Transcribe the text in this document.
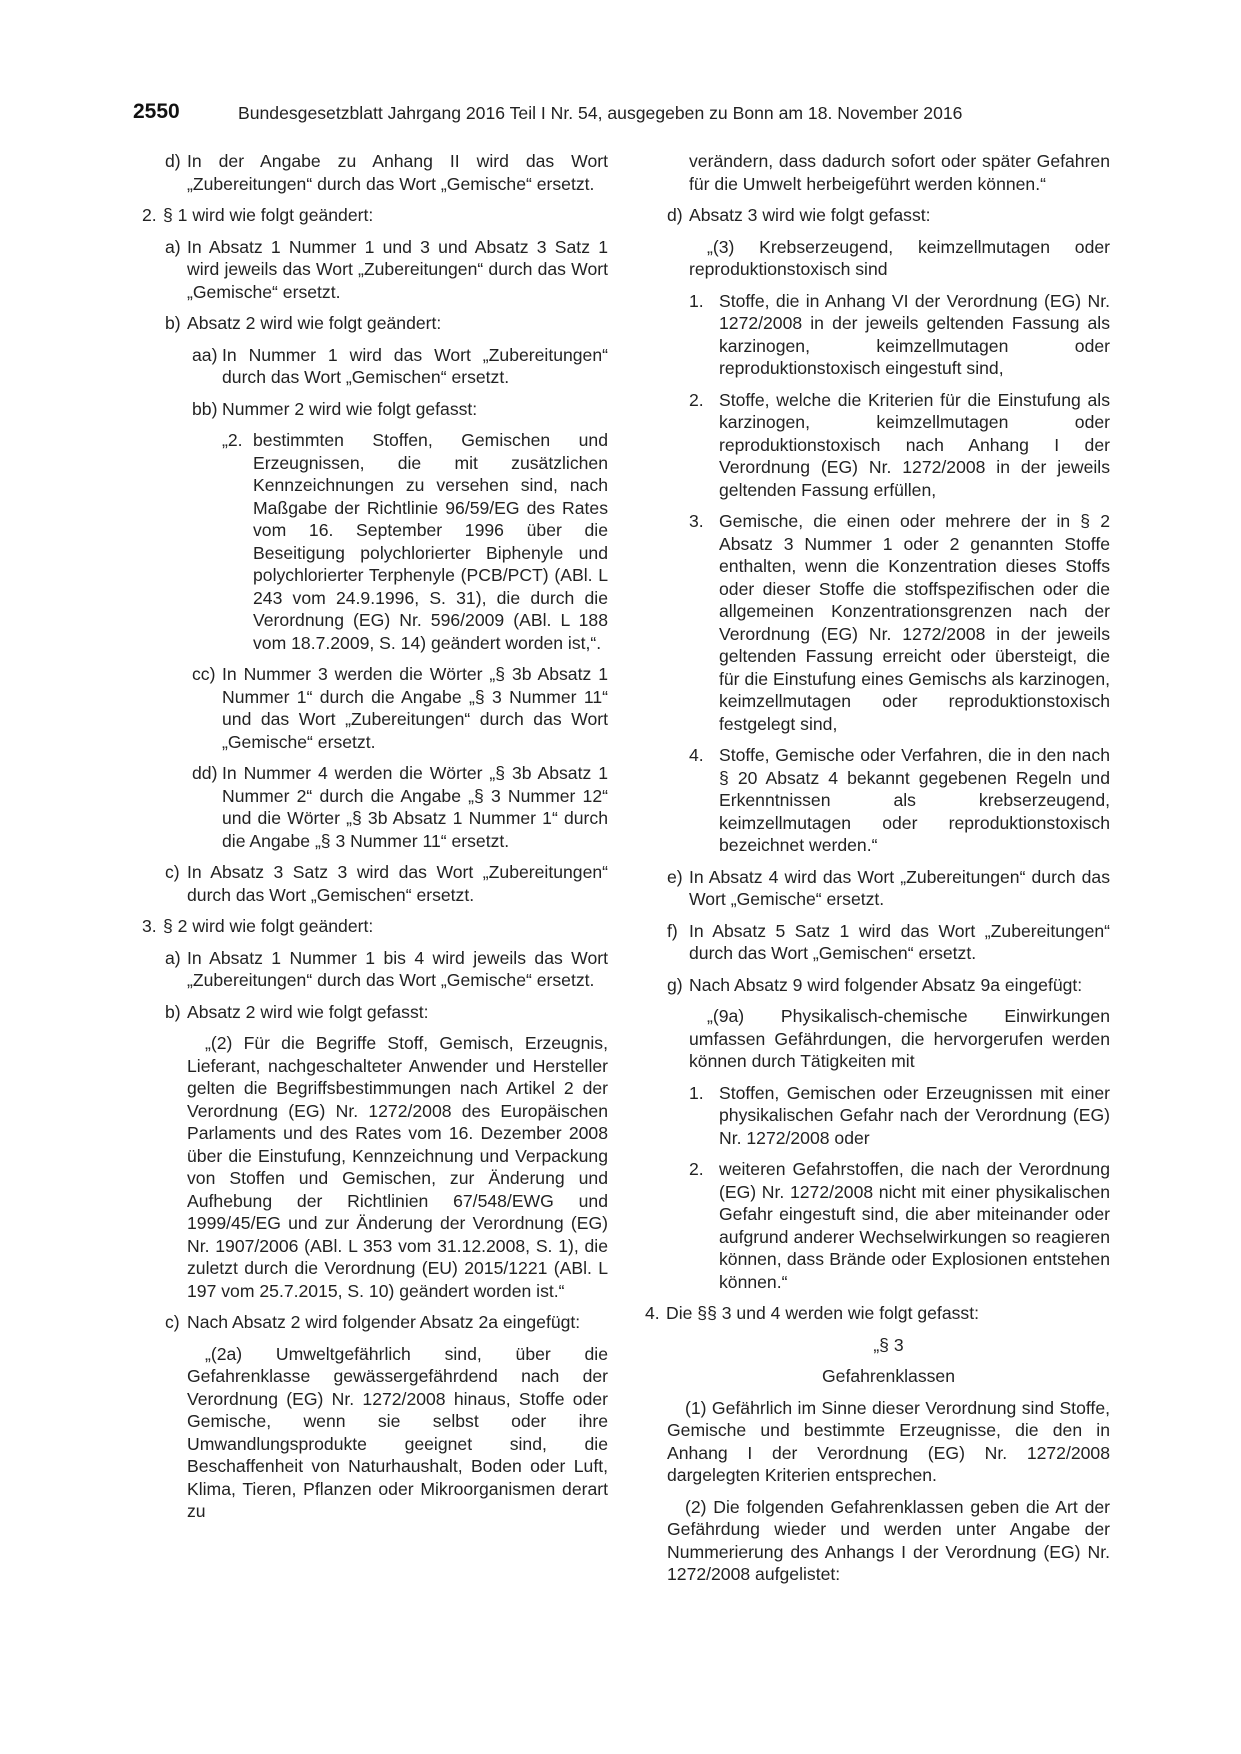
2550	Bundesgesetzblatt Jahrgang 2016 Teil I Nr. 54, ausgegeben zu Bonn am 18. November 2016
d) In der Angabe zu Anhang II wird das Wort „Zubereitungen“ durch das Wort „Gemische“ ersetzt.
2. § 1 wird wie folgt geändert:
a) In Absatz 1 Nummer 1 und 3 und Absatz 3 Satz 1 wird jeweils das Wort „Zubereitungen“ durch das Wort „Gemische“ ersetzt.
b) Absatz 2 wird wie folgt geändert:
aa) In Nummer 1 wird das Wort „Zubereitungen“ durch das Wort „Gemischen“ ersetzt.
bb) Nummer 2 wird wie folgt gefasst:
„2. bestimmten Stoffen, Gemischen und Erzeugnissen, die mit zusätzlichen Kennzeichnungen zu versehen sind, nach Maßgabe der Richtlinie 96/59/EG des Rates vom 16. September 1996 über die Beseitigung polychlorierter Biphenyle und polychlorierter Terphenyle (PCB/PCT) (ABl. L 243 vom 24.9.1996, S. 31), die durch die Verordnung (EG) Nr. 596/2009 (ABl. L 188 vom 18.7.2009, S. 14) geändert worden ist,“.
cc) In Nummer 3 werden die Wörter „§ 3b Absatz 1 Nummer 1“ durch die Angabe „§ 3 Nummer 11“ und das Wort „Zubereitungen“ durch das Wort „Gemische“ ersetzt.
dd) In Nummer 4 werden die Wörter „§ 3b Absatz 1 Nummer 2“ durch die Angabe „§ 3 Nummer 12“ und die Wörter „§ 3b Absatz 1 Nummer 1“ durch die Angabe „§ 3 Nummer 11“ ersetzt.
c) In Absatz 3 Satz 3 wird das Wort „Zubereitungen“ durch das Wort „Gemischen“ ersetzt.
3. § 2 wird wie folgt geändert:
a) In Absatz 1 Nummer 1 bis 4 wird jeweils das Wort „Zubereitungen“ durch das Wort „Gemische“ ersetzt.
b) Absatz 2 wird wie folgt gefasst:

„(2) Für die Begriffe Stoff, Gemisch, Erzeugnis, Lieferant, nachgeschalteter Anwender und Hersteller gelten die Begriffsbestimmungen nach Artikel 2 der Verordnung (EG) Nr. 1272/2008 des Europäischen Parlaments und des Rates vom 16. Dezember 2008 über die Einstufung, Kennzeichnung und Verpackung von Stoffen und Gemischen, zur Änderung und Aufhebung der Richtlinien 67/548/EWG und 1999/45/EG und zur Änderung der Verordnung (EG) Nr. 1907/2006 (ABl. L 353 vom 31.12.2008, S. 1), die zuletzt durch die Verordnung (EU) 2015/1221 (ABl. L 197 vom 25.7.2015, S. 10) geändert worden ist.“

c) Nach Absatz 2 wird folgender Absatz 2a eingefügt:

„(2a) Umweltgefährlich sind, über die Gefahrenklasse gewässergefährdend nach der Verordnung (EG) Nr. 1272/2008 hinaus, Stoffe oder Gemische, wenn sie selbst oder ihre Umwandlungsprodukte geeignet sind, die Beschaffenheit von Naturhaushalt, Boden oder Luft, Klima, Tieren, Pflanzen oder Mikroorganismen derart zu

verändern, dass dadurch sofort oder später Gefahren für die Umwelt herbeigeführt werden können.“

d) Absatz 3 wird wie folgt gefasst:

„(3) Krebserzeugend, keimzellmutagen oder reproduktionstoxisch sind

1. Stoffe, die in Anhang VI der Verordnung (EG) Nr. 1272/2008 in der jeweils geltenden Fassung als karzinogen, keimzellmutagen oder reproduktionstoxisch eingestuft sind,
2. Stoffe, welche die Kriterien für die Einstufung als karzinogen, keimzellmutagen oder reproduktionstoxisch nach Anhang I der Verordnung (EG) Nr. 1272/2008 in der jeweils geltenden Fassung erfüllen,
3. Gemische, die einen oder mehrere der in § 2 Absatz 3 Nummer 1 oder 2 genannten Stoffe enthalten, wenn die Konzentration dieses Stoffs oder dieser Stoffe die stoffspezifischen oder die allgemeinen Konzentrationsgrenzen nach der Verordnung (EG) Nr. 1272/2008 in der jeweils geltenden Fassung erreicht oder übersteigt, die für die Einstufung eines Gemischs als karzinogen, keimzellmutagen oder reproduktionstoxisch festgelegt sind,
4. Stoffe, Gemische oder Verfahren, die in den nach § 20 Absatz 4 bekannt gegebenen Regeln und Erkenntnissen als krebserzeugend, keimzellmutagen oder reproduktionstoxisch bezeichnet werden.“
e) In Absatz 4 wird das Wort „Zubereitungen“ durch das Wort „Gemische“ ersetzt.
f) In Absatz 5 Satz 1 wird das Wort „Zubereitungen“ durch das Wort „Gemischen“ ersetzt.
g) Nach Absatz 9 wird folgender Absatz 9a eingefügt:

„(9a) Physikalisch-chemische Einwirkungen umfassen Gefährdungen, die hervorgerufen werden können durch Tätigkeiten mit

1. Stoffen, Gemischen oder Erzeugnissen mit einer physikalischen Gefahr nach der Verordnung (EG) Nr. 1272/2008 oder
2. weiteren Gefahrstoffen, die nach der Verordnung (EG) Nr. 1272/2008 nicht mit einer physikalischen Gefahr eingestuft sind, die aber miteinander oder aufgrund anderer Wechselwirkungen so reagieren können, dass Brände oder Explosionen entstehen können.“
4. Die §§ 3 und 4 werden wie folgt gefasst:

„§ 3

Gefahrenklassen

(1) Gefährlich im Sinne dieser Verordnung sind Stoffe, Gemische und bestimmte Erzeugnisse, die den in Anhang I der Verordnung (EG) Nr. 1272/2008 dargelegten Kriterien entsprechen.

(2) Die folgenden Gefahrenklassen geben die Art der Gefährdung wieder und werden unter Angabe der Nummerierung des Anhangs I der Verordnung (EG) Nr. 1272/2008 aufgelistet:
